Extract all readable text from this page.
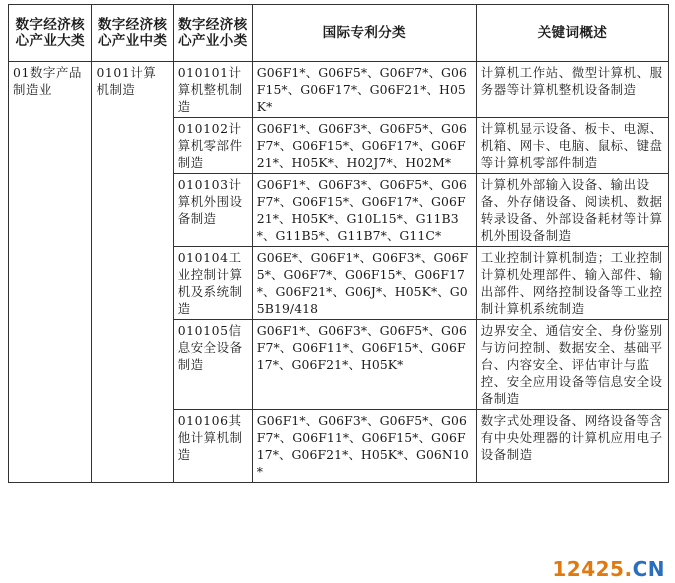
数字经济核心产业大类	数字经济核心产业中类	数字经济核心产业小类	国际专利分类	关键词概述
01数字产品制造业	0101计算机制造	010101计算机整机制造	G06F1*、G06F5*、G06F7*、G06F15*、G06F17*、G06F21*、H05K*	计算机工作站、微型计算机、服务器等计算机整机设备制造
		010102计算机零部件制造	G06F1*、G06F3*、G06F5*、G06F7*、G06F15*、G06F17*、G06F21*、H05K*、H02J7*、H02M*	计算机显示设备、板卡、电源、机箱、网卡、电脑、鼠标、键盘等计算机零部件制造
		010103计算机外围设备制造	G06F1*、G06F3*、G06F5*、G06F7*、G06F15*、G06F17*、G06F21*、H05K*、G10L15*、G11B3*、G11B5*、G11B7*、G11C*	计算机外部输入设备、输出设备、外存储设备、阅读机、数据转录设备、外部设备耗材等计算机外围设备制造
		010104工业控制计算机及系统制造	G06E*、G06F1*、G06F3*、G06F5*、G06F7*、G06F15*、G06F17*、G06F21*、G06J*、H05K*、G05B19/418	工业控制计算机制造；工业控制计算机处理部件、输入部件、输出部件、网络控制设备等工业控制计算机系统制造
		010105信息安全设备制造	G06F1*、G06F3*、G06F5*、G06F7*、G06F11*、G06F15*、G06F17*、G06F21*、H05K*	边界安全、通信安全、身份鉴别与访问控制、数据安全、基础平台、内容安全、评估审计与监控、安全应用设备等信息安全设备制造
		010106其他计算机制造	G06F1*、G06F3*、G06F5*、G06F7*、G06F11*、G06F15*、G06F17*、G06F21*、H05K*、G06N10*	数字式处理设备、网络设备等含有中央处理器的计算机应用电子设备制造
12425.CN
